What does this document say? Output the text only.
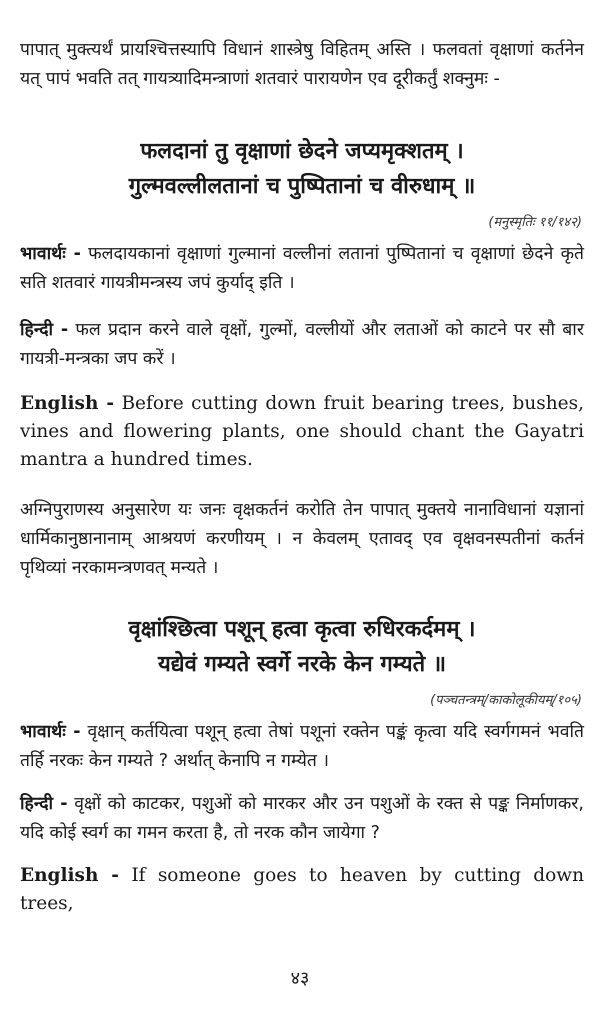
पापात् मुक्त्यर्थं प्रायश्चित्तस्यापि विधानं शास्त्रेषु विहितम् अस्ति । फलवतां वृक्षाणां कर्तनेन यत् पापं भवति तत् गायत्र्यादिमन्त्राणां शतवारं पारायणेन एव दूरीकर्तुं शक्नुमः -

फलदानां तु वृक्षाणां छेदने जप्यमृक्शतम् ।
गुल्मवल्लीलतानां च पुष्पितानां च वीरुधाम् ॥
(मनुस्मृतिः ११/१४२)

भावार्थः - फलदायकानां वृक्षाणां गुल्मानां वल्लीनां लतानां पुष्पितानां च वृक्षाणां छेदने कृते सति शतवारं गायत्रीमन्त्रस्य जपं कुर्याद् इति ।

हिन्दी - फल प्रदान करने वाले वृक्षों, गुल्मों, वल्लीयों और लताओं को काटने पर सौ बार गायत्री-मन्त्रका जप करें ।

English - Before cutting down fruit bearing trees, bushes, vines and flowering plants, one should chant the Gayatri mantra a hundred times.

अग्निपुराणस्य अनुसारेण यः जनः वृक्षकर्तनं करोति तेन पापात् मुक्तये नानाविधानां यज्ञानां धार्मिकानुष्ठानानाम् आश्रयणं करणीयम् । न केवलम् एतावद् एव वृक्षवनस्पतीनां कर्तनं पृथिव्यां नरकामन्त्रणवत् मन्यते ।

वृक्षांश्छित्वा पशून् हत्वा कृत्वा रुधिरकर्दमम् ।
यद्येवं गम्यते स्वर्गे नरके केन गम्यते ॥
(पञ्चतन्त्रम्/काकोलूकीयम्/१०५)

भावार्थः - वृक्षान् कर्तयित्वा पशून् हत्वा तेषां पशूनां रक्तेन पङ्कं कृत्वा यदि स्वर्गगमनं भवति तर्हि नरकः केन गम्यते ? अर्थात् केनापि न गम्येत ।

हिन्दी - वृक्षों को काटकर, पशुओं को मारकर और उन पशुओं के रक्त से पङ्क निर्माणकर, यदि कोई स्वर्ग का गमन करता है, तो नरक कौन जायेगा ?

English - If someone goes to heaven by cutting down trees,

४३
